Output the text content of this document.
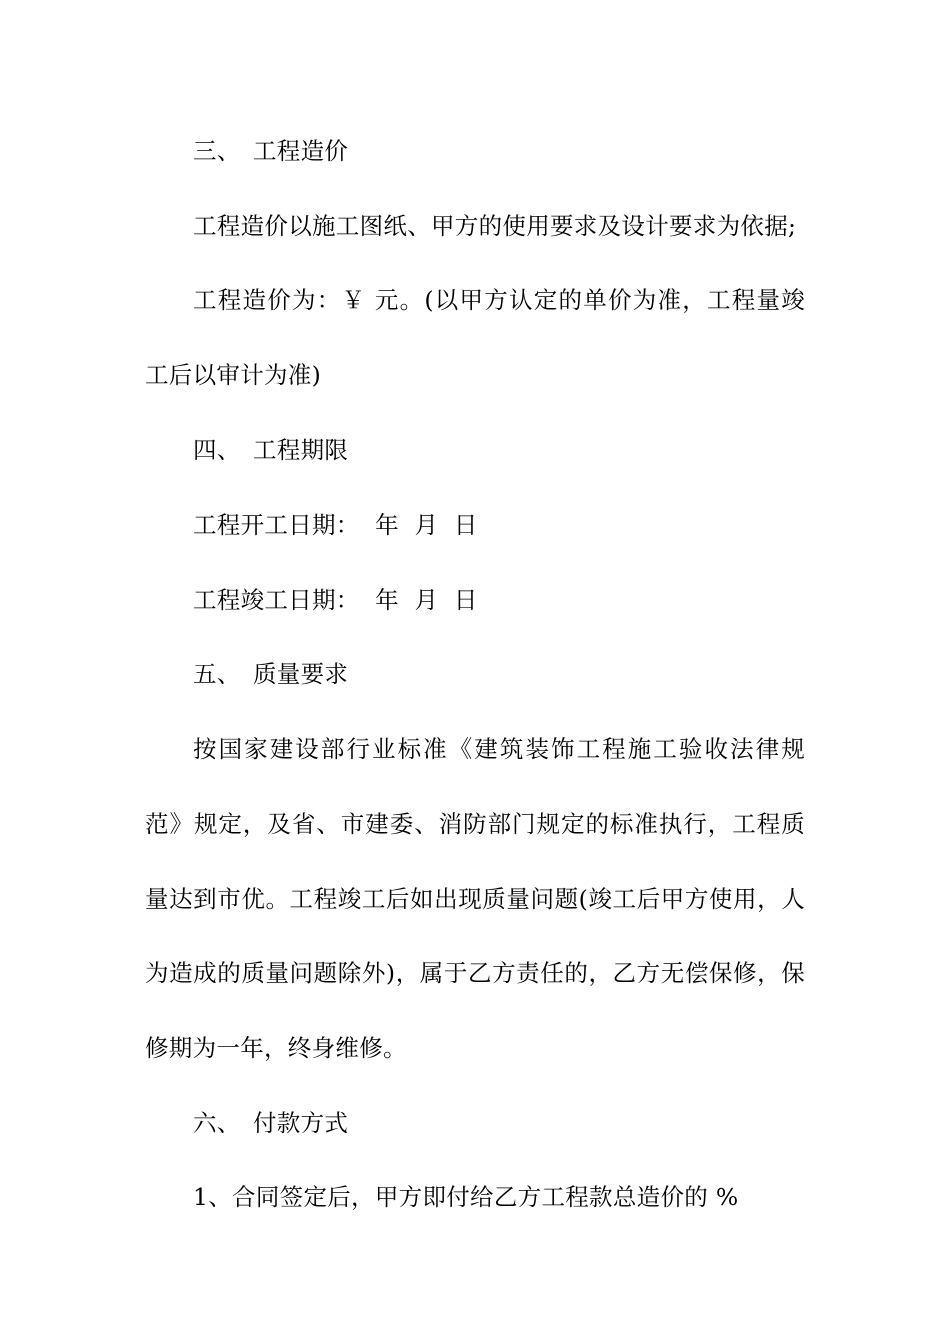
三、 工程造价
工程造价以施工图纸、甲方的使用要求及设计要求为依据;
工程造价为：￥ 元。(以甲方认定的单价为准，工程量竣
工后以审计为准)
四、 工程期限
工程开工日期：  年  月  日
工程竣工日期：  年  月  日
五、 质量要求
按国家建设部行业标准《建筑装饰工程施工验收法律规
范》规定，及省、市建委、消防部门规定的标准执行，工程质
量达到市优。工程竣工后如出现质量问题(竣工后甲方使用，人
为造成的质量问题除外)，属于乙方责任的，乙方无偿保修，保
修期为一年，终身维修。
六、 付款方式
1、合同签定后，甲方即付给乙方工程款总造价的 %
